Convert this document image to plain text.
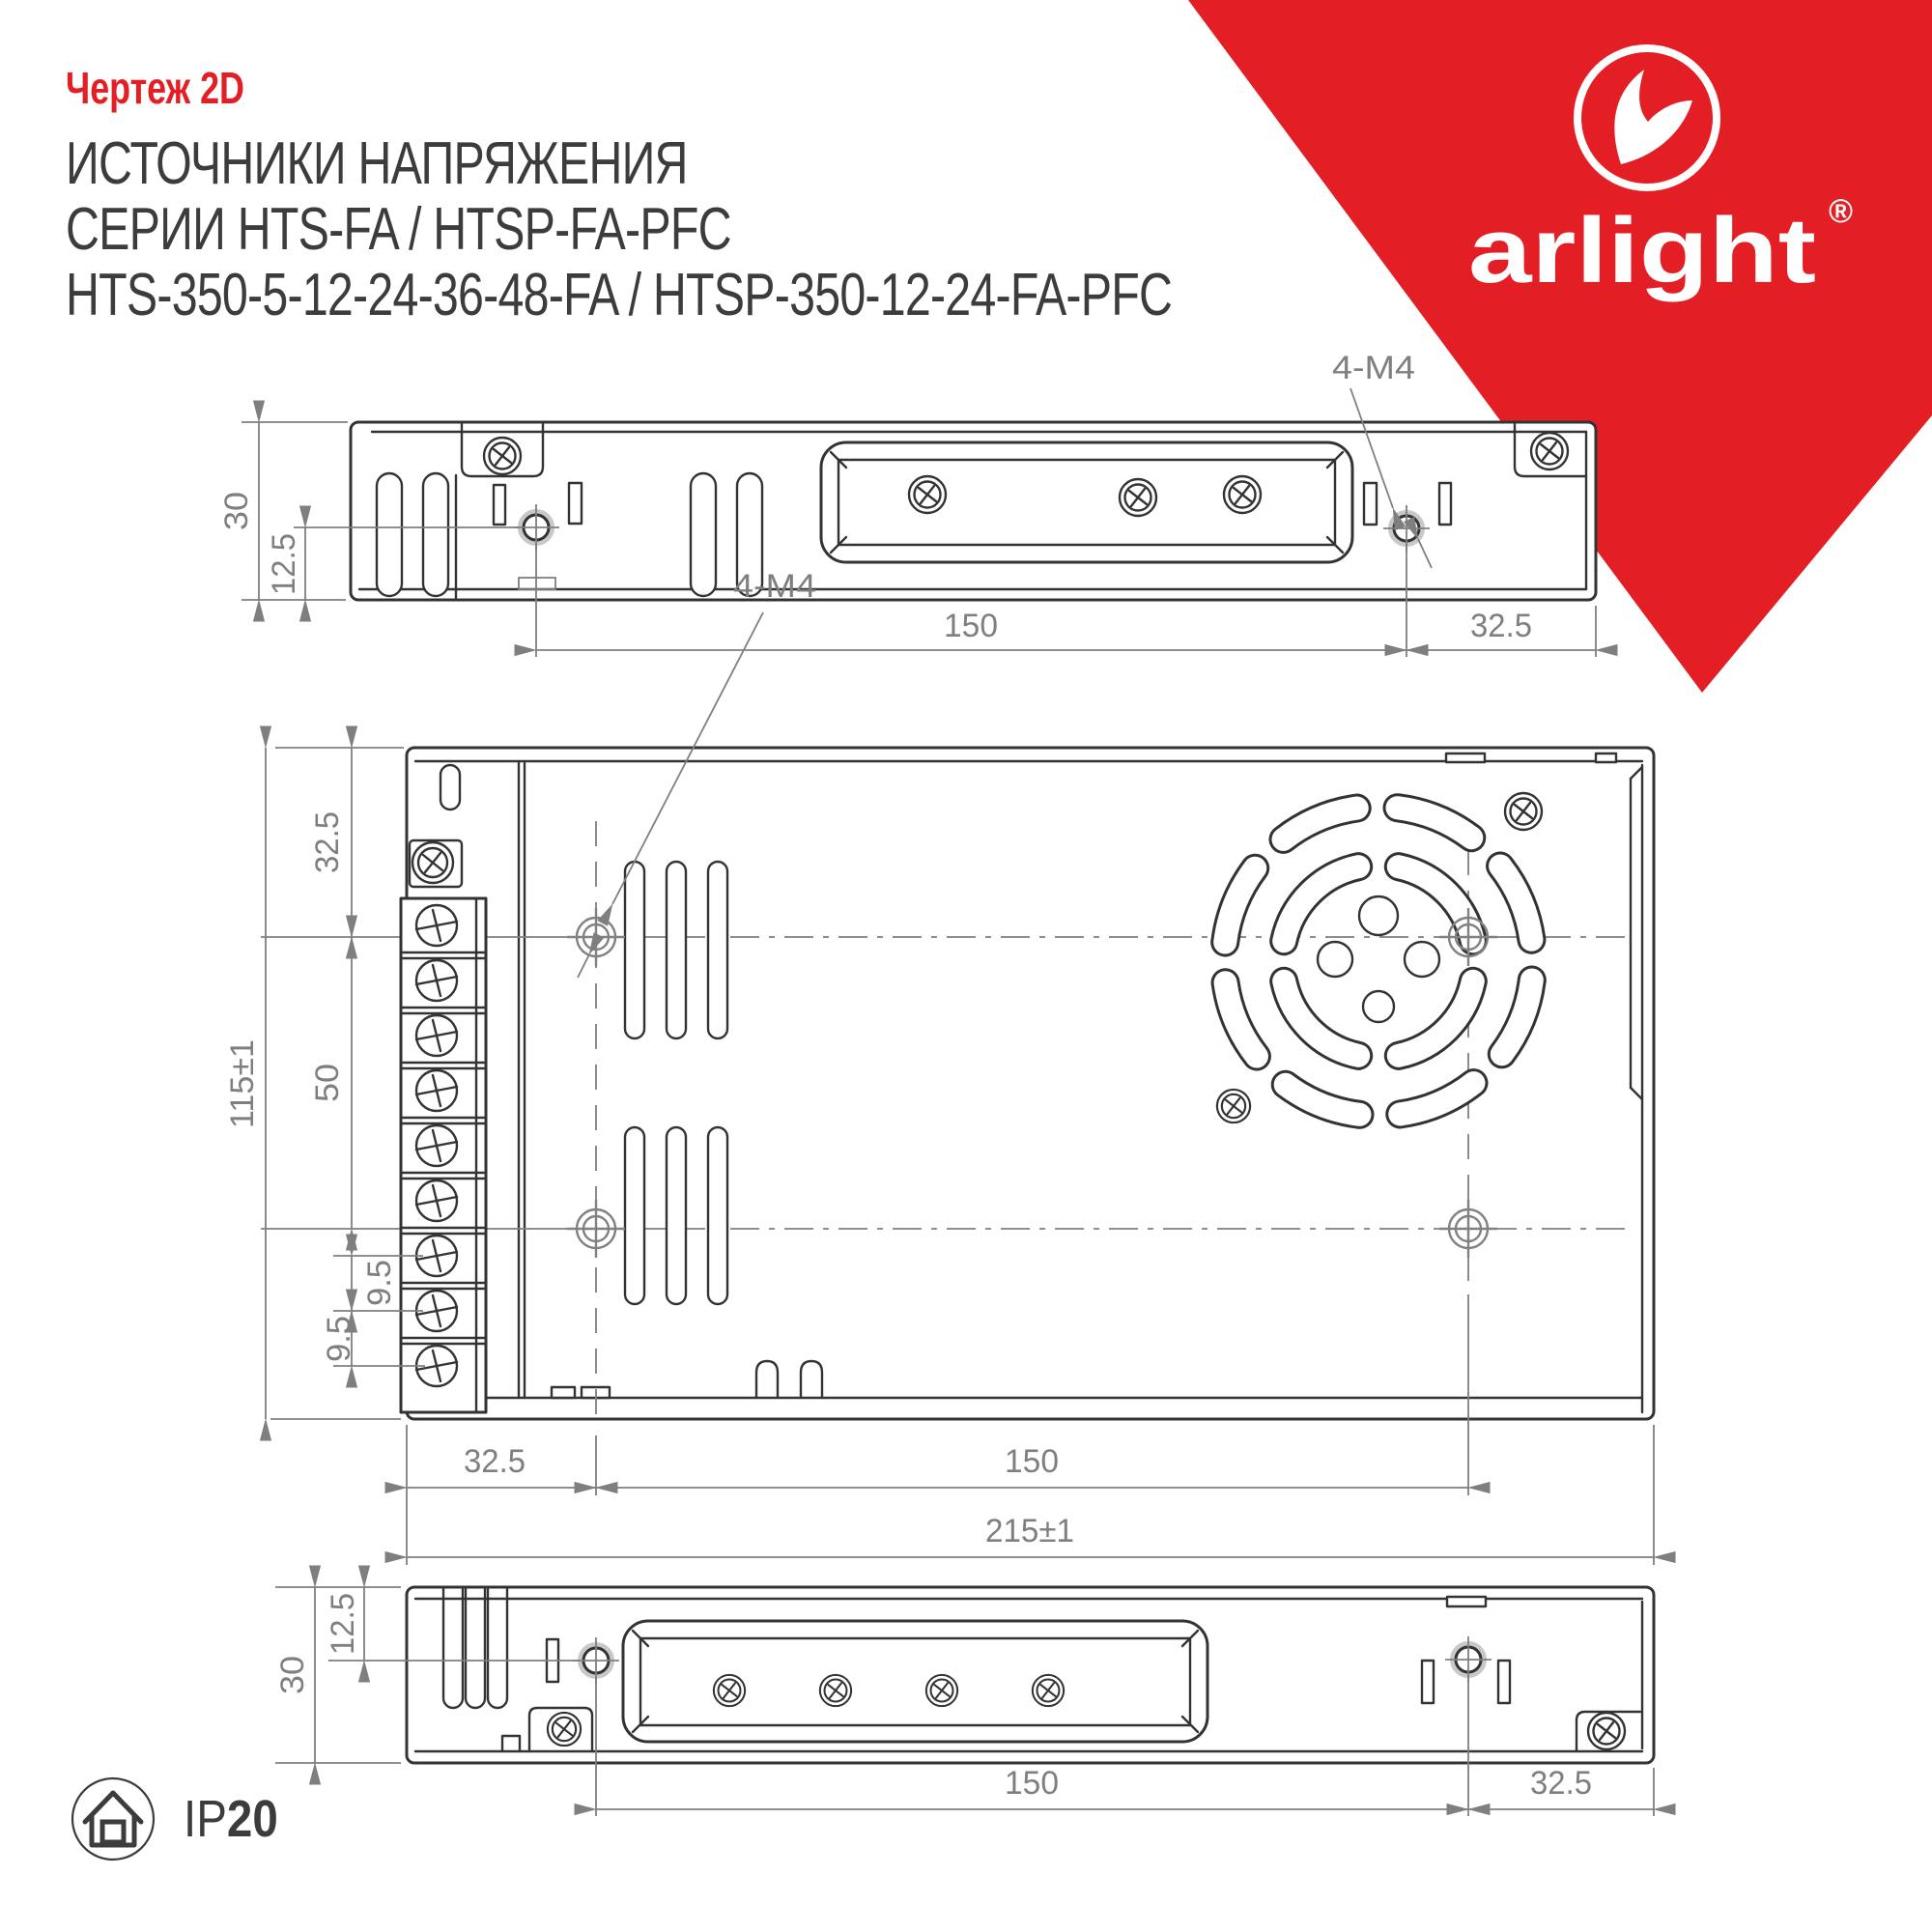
arlight ®
30
12.5
150	32.5
4-M4
32.5
50
115±1
9.5
9.5
32.5	150
215±1
4-M4
30
12.5
150	32.5
Чертеж 2D
ИСТОЧНИКИ НАПРЯЖЕНИЯ
СЕРИИ HTS-FA / HTSP-FA-PFC
HTS-350-5-12-24-36-48-FA / HTSP-350-12-24-FA-PFC
IP20
